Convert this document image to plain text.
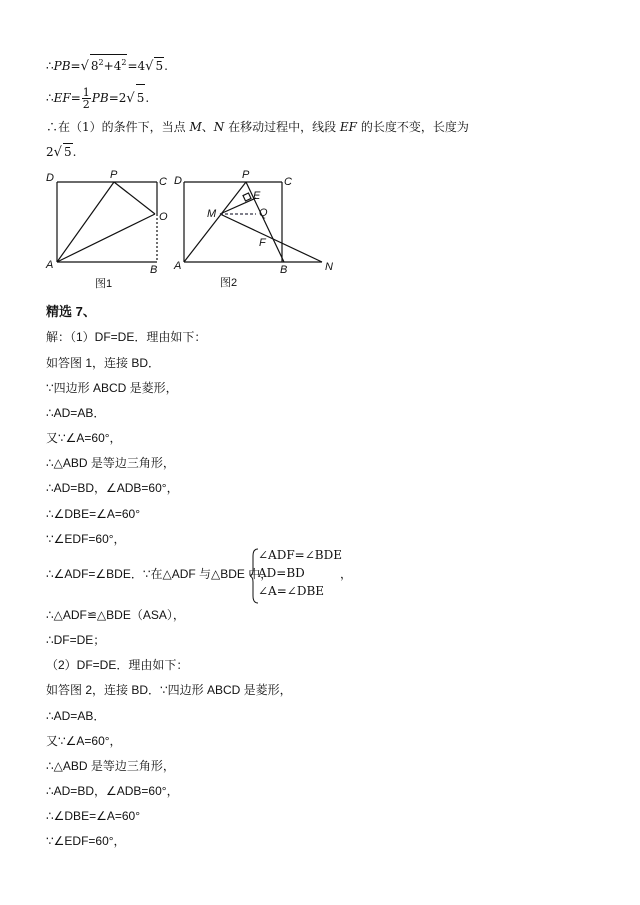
∴PB=√ $8^2+4^2=4√$ 5.
∴EF= $\frac{1}{2} PB=2√$ 5.
∴在（1）的条件下，当点 M、N 在移动过程中，线段 EF 的长度不变，长度为
2√ 5.
D	P
C
O
A	B
图1
D	P
C
E
M	Q
F
A	B	N
图2
精选 7、
解：（1）DF=DE．理由如下：
如答图 1，连接 BD．
∵四边形 ABCD 是菱形，
∴AD=AB．
又∵∠A=60°，
∴△ABD 是等边三角形，
∴AD=BD，∠ADB=60°，
∴∠DBE=∠A=60°
∵∠EDF=60°，
∴∠ADF=∠BDE．∵在△ADF 与△BDE 中，
∠ADF=∠BDE
AD=BD
∠A=∠DBE
，
∴△ADF≌△BDE（ASA），
∴DF=DE；
（2）DF=DE．理由如下：
如答图 2，连接 BD．∵四边形 ABCD 是菱形，
∴AD=AB．
又∵∠A=60°，
∴△ABD 是等边三角形，
∴AD=BD，∠ADB=60°，
∴∠DBE=∠A=60°
∵∠EDF=60°，
